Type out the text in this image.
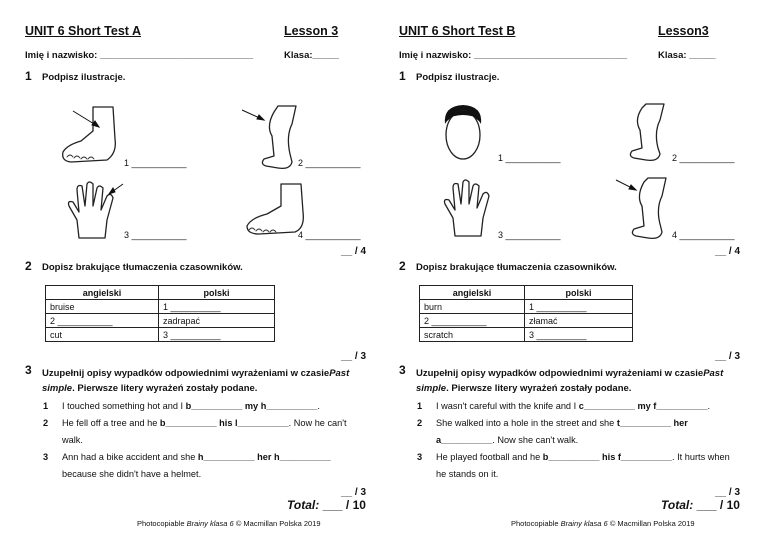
UNIT 6 Short Test A	Lesson 3
Imię i nazwisko: _____________________________	Klasa:_____
1 Podpisz ilustracje.
1 ___________	2 ___________
3 ___________	4 ___________
__ / 4
2 Dopisz brakujące tłumaczenia czasowników.
angielski	polski
bruise	1 __________
2 ___________	zadrapać
cut	3 __________
__ / 3
3 Uzupełnij opisy wypadków odpowiednimi wyrażeniami w czasiePast
simple. Pierwsze litery wyrażeń zostały podane.
1 I touched something hot and I b__________ my h__________.
2 He fell off a tree and he b__________ his l__________. Now he can't walk.
3 Ann had a bike accident and she h__________ her h__________ because she didn't have a helmet.
__ / 3
Total: ___ / 10
Photocopiable Brainy klasa 6 © Macmillan Polska 2019
UNIT 6 Short Test B	Lesson3
Imię i nazwisko: _____________________________	Klasa: _____
1 Podpisz ilustracje.
1 ___________	2 ___________
3 ___________	4 ___________
__ / 4
2 Dopisz brakujące tłumaczenia czasowników.
angielski	polski
burn	1 __________
2 ___________	złamać
scratch	3 __________
__ / 3
3 Uzupełnij opisy wypadków odpowiednimi wyrażeniami w czasiePast
simple. Pierwsze litery wyrażeń zostały podane.
1 I wasn't careful with the knife and I c__________ my f__________.
2 She walked into a hole in the street and she t__________ her a__________. Now she can't walk.
3 He played football and he b__________ his f__________. It hurts when he stands on it.
__ / 3
Total: ___ / 10
Photocopiable Brainy klasa 6 © Macmillan Polska 2019
